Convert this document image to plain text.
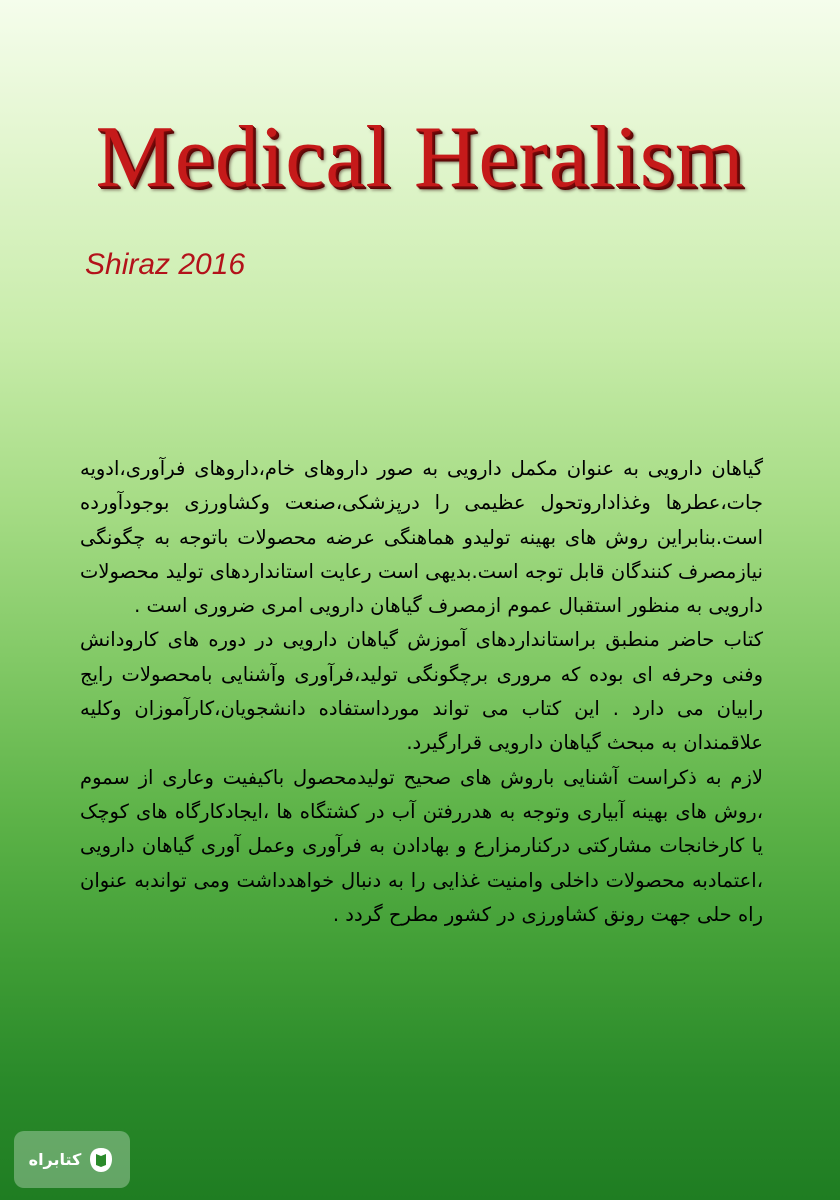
Medical Heralism
Shiraz 2016

گیاهان دارویی به عنوان مکمل دارویی به صور داروهای خام،داروهای فرآوری،ادویه جات،عطرها وغذاداروتحول عظیمی را درپزشکی،صنعت وکشاورزی بوجودآورده است.بنابراین روش های بهینه تولیدو هماهنگی عرضه محصولات باتوجه به چگونگی نیازمصرف کنندگان قابل توجه است.بدیهی است رعایت استانداردهای تولید محصولات دارویی به منظور استقبال عموم ازمصرف گیاهان دارویی امری ضروری است .

کتاب حاضر منطبق براستانداردهای آموزش گیاهان دارویی در دوره های کارودانش وفنی وحرفه ای بوده که مروری برچگونگی تولید،فرآوری وآشنایی بامحصولات رایج رابیان می دارد . این کتاب می تواند مورداستفاده دانشجویان،کارآموزان وکلیه علاقمندان به مبحث گیاهان دارویی قرارگیرد.

لازم به ذکراست آشنایی باروش های صحیح تولیدمحصول باکیفیت وعاری از سموم ،روش های بهینه آبیاری وتوجه به هدررفتن آب در کشتگاه ها ،ایجادکارگاه های کوچک یا کارخانجات مشارکتی درکنارمزارع و بهادادن به فرآوری وعمل آوری گیاهان دارویی ،اعتمادبه محصولات داخلی وامنیت غذایی را به دنبال خواهدداشت ومی تواندبه عنوان راه حلی جهت رونق کشاورزی در کشور مطرح گردد .

کتابراه
